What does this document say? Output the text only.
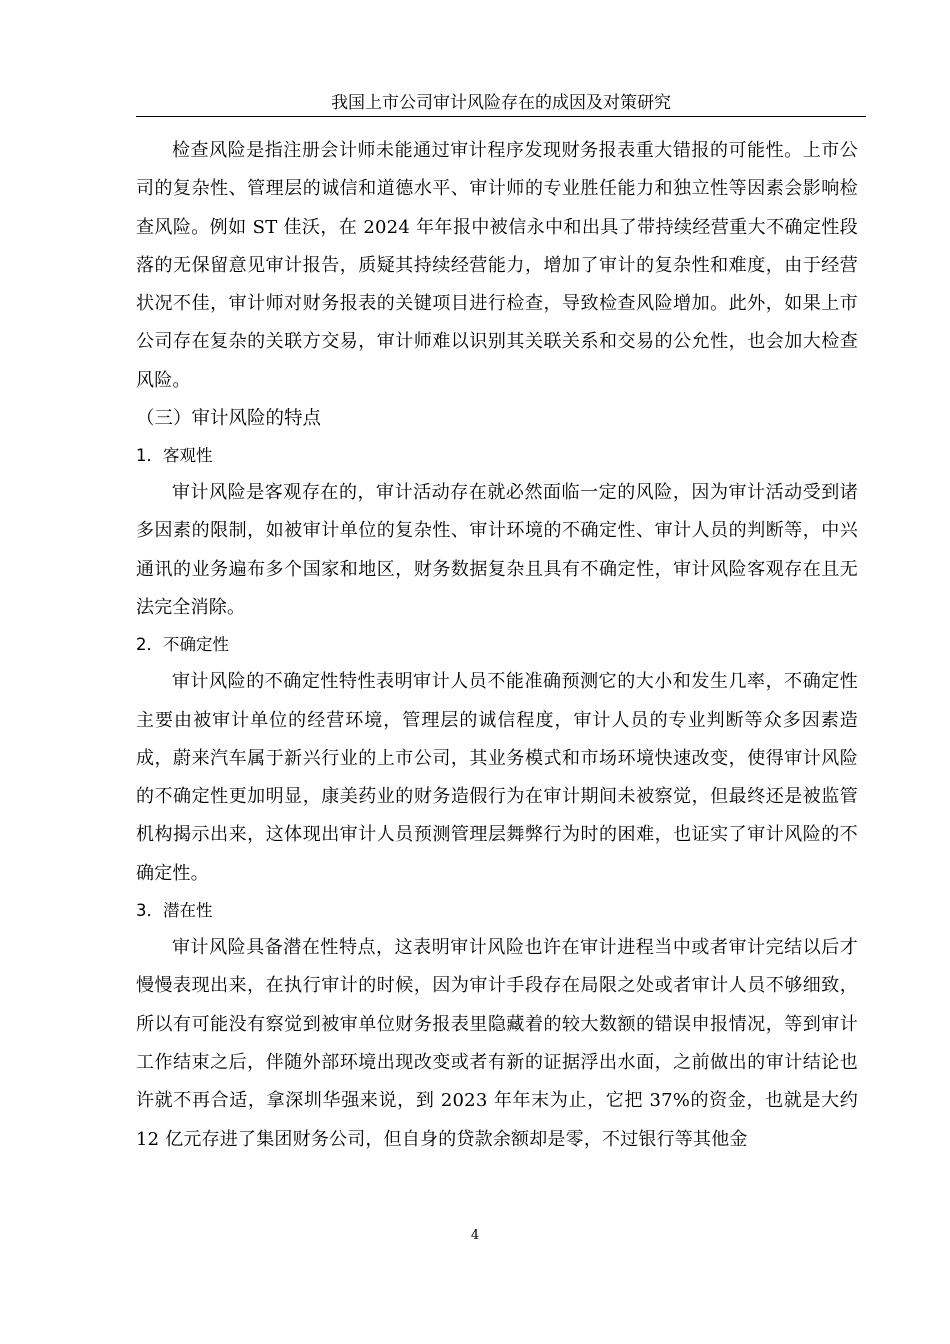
我国上市公司审计风险存在的成因及对策研究

检查风险是指注册会计师未能通过审计程序发现财务报表重大错报的可能性。上市公司的复杂性、管理层的诚信和道德水平、审计师的专业胜任能力和独立性等因素会影响检查风险。例如 ST 佳沃，在 2024 年年报中被信永中和出具了带持续经营重大不确定性段落的无保留意见审计报告，质疑其持续经营能力，增加了审计的复杂性和难度，由于经营状况不佳，审计师对财务报表的关键项目进行检查，导致检查风险增加。此外，如果上市公司存在复杂的关联方交易，审计师难以识别其关联关系和交易的公允性，也会加大检查风险。

（三）审计风险的特点
1．客观性

审计风险是客观存在的，审计活动存在就必然面临一定的风险，因为审计活动受到诸多因素的限制，如被审计单位的复杂性、审计环境的不确定性、审计人员的判断等，中兴通讯的业务遍布多个国家和地区，财务数据复杂且具有不确定性，审计风险客观存在且无法完全消除。

2．不确定性

审计风险的不确定性特性表明审计人员不能准确预测它的大小和发生几率，不确定性主要由被审计单位的经营环境，管理层的诚信程度，审计人员的专业判断等众多因素造成，蔚来汽车属于新兴行业的上市公司，其业务模式和市场环境快速改变，使得审计风险的不确定性更加明显，康美药业的财务造假行为在审计期间未被察觉，但最终还是被监管机构揭示出来，这体现出审计人员预测管理层舞弊行为时的困难，也证实了审计风险的不确定性。

3．潜在性

审计风险具备潜在性特点，这表明审计风险也许在审计进程当中或者审计完结以后才慢慢表现出来，在执行审计的时候，因为审计手段存在局限之处或者审计人员不够细致，所以有可能没有察觉到被审单位财务报表里隐藏着的较大数额的错误申报情况，等到审计工作结束之后，伴随外部环境出现改变或者有新的证据浮出水面，之前做出的审计结论也许就不再合适，拿深圳华强来说，到 2023 年年末为止，它把 37%的资金，也就是大约 12 亿元存进了集团财务公司，但自身的贷款余额却是零，不过银行等其他金

4
